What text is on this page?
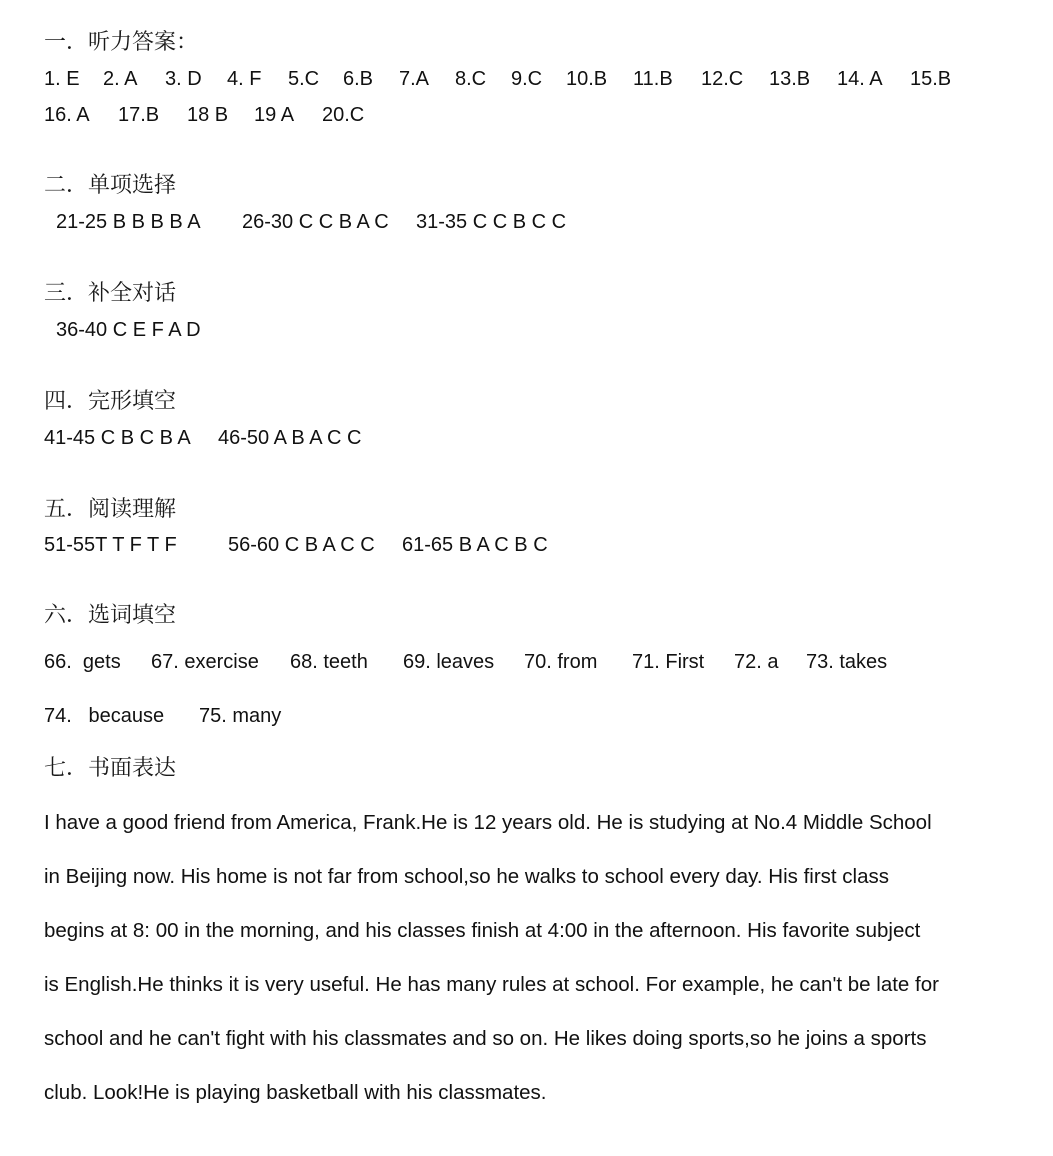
一．听力答案：
1. E 2. A 3. D 4. F 5.C 6.B 7.A 8.C 9.C 10.B 11.B 12.C 13.B 14. A 15.B
16. A 17.B 18 B 19 A 20.C
二．单项选择
21-25 B B B B A 26-30 C C B A C 31-35 C C B C C
三．补全对话
36-40 C E F A D
四．完形填空
41-45 C B C B A 46-50 A B A C C
五．阅读理解
51-55T T F T F	56-60 C B A C C 61-65 B A C B C
六．选词填空
66.  gets 67. exercise 68. teeth 69. leaves 70. from 71. First 72. a 73. takes
74.   because 75. many
七．书面表达
I have a good friend from America, Frank.He is 12 years old. He is studying at No.4 Middle School
in Beijing now. His home is not far from school,so he walks to school every day. His first class
begins at 8: 00 in the morning, and his classes finish at 4:00 in the afternoon. His favorite subject
is English.He thinks it is very useful. He has many rules at school. For example, he can't be late for
school and he can't fight with his classmates and so on. He likes doing sports,so he joins a sports
club. Look!He is playing basketball with his classmates.
